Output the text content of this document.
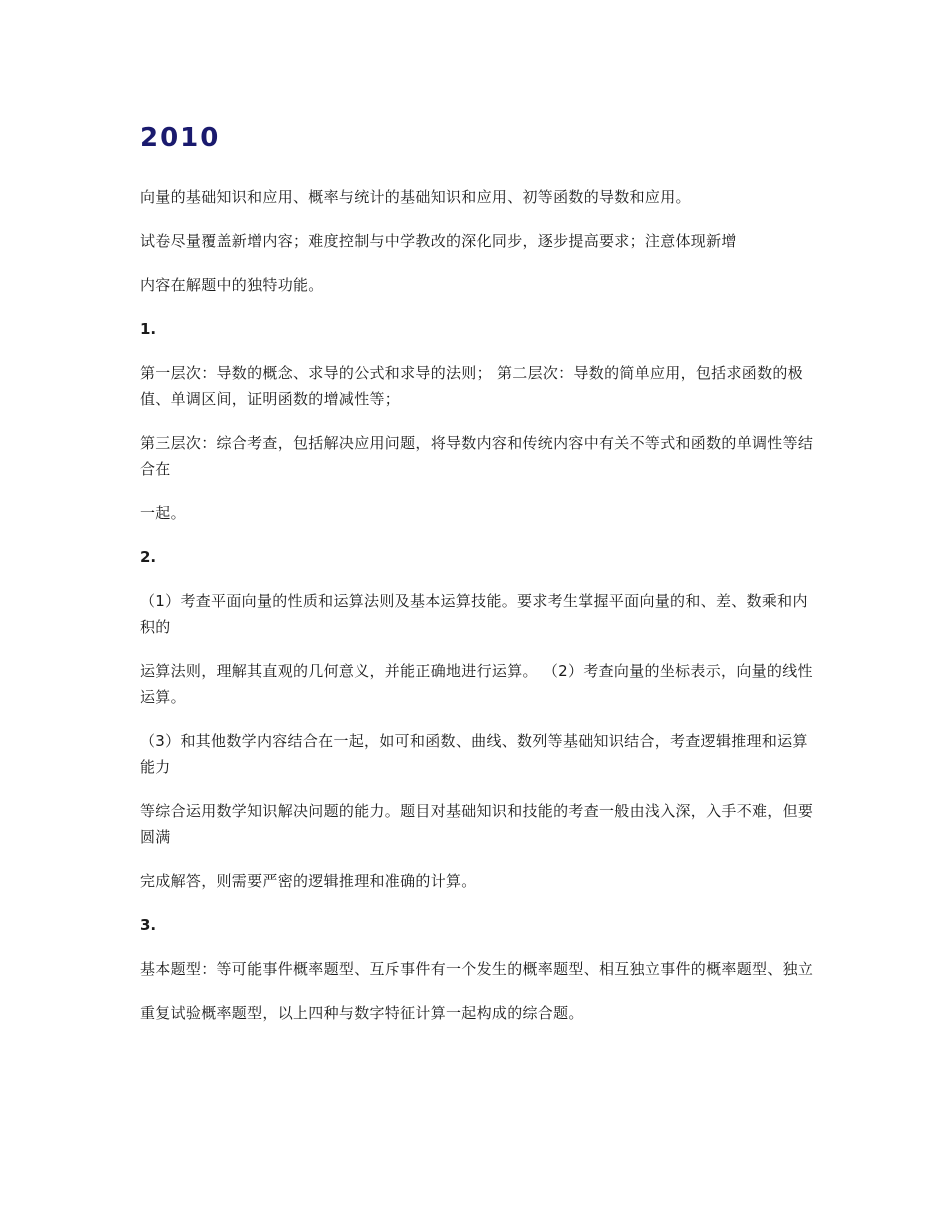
2010

向量的基础知识和应用、概率与统计的基础知识和应用、初等函数的导数和应用。

试卷尽量覆盖新增内容；难度控制与中学教改的深化同步，逐步提高要求；注意体现新增

内容在解题中的独特功能。

1.

第一层次：导数的概念、求导的公式和求导的法则； 第二层次：导数的简单应用，包括求函数的极值、单调区间，证明函数的增减性等；

第三层次：综合考查，包括解决应用问题，将导数内容和传统内容中有关不等式和函数的单调性等结合在

一起。

2.

（1）考查平面向量的性质和运算法则及基本运算技能。要求考生掌握平面向量的和、差、数乘和内积的

运算法则，理解其直观的几何意义，并能正确地进行运算。 （2）考查向量的坐标表示，向量的线性运算。

（3）和其他数学内容结合在一起，如可和函数、曲线、数列等基础知识结合，考查逻辑推理和运算能力

等综合运用数学知识解决问题的能力。题目对基础知识和技能的考查一般由浅入深，入手不难，但要圆满

完成解答，则需要严密的逻辑推理和准确的计算。

3.

基本题型：等可能事件概率题型、互斥事件有一个发生的概率题型、相互独立事件的概率题型、独立

重复试验概率题型，以上四种与数字特征计算一起构成的综合题。
